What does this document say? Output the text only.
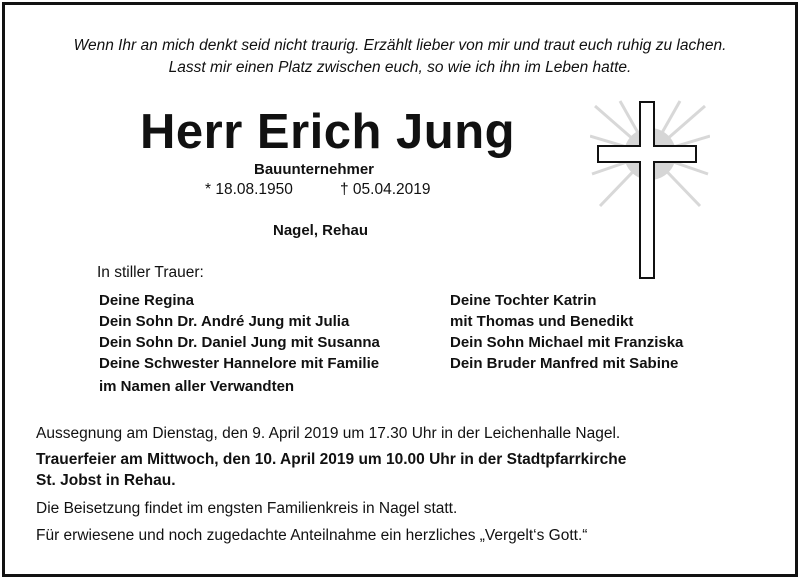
Wenn Ihr an mich denkt seid nicht traurig. Erzählt lieber von mir und traut euch ruhig zu lachen.
Lasst mir einen Platz zwischen euch, so wie ich ihn im Leben hatte.
Herr Erich Jung
Bauunternehmer
* 18.08.1950	† 05.04.2019
Nagel, Rehau
In stiller Trauer:
Deine Regina
Dein Sohn Dr. André Jung mit Julia
Dein Sohn Dr. Daniel Jung mit Susanna
Deine Schwester Hannelore mit Familie
im Namen aller Verwandten
Deine Tochter Katrin
mit Thomas und Benedikt
Dein Sohn Michael mit Franziska
Dein Bruder Manfred mit Sabine
Aussegnung am Dienstag, den 9. April 2019 um 17.30 Uhr in der Leichenhalle Nagel.
Trauerfeier am Mittwoch, den 10. April 2019 um 10.00 Uhr in der Stadtpfarrkirche
St. Jobst in Rehau.
Die Beisetzung findet im engsten Familienkreis in Nagel statt.
Für erwiesene und noch zugedachte Anteilnahme ein herzliches „Vergelt‘s Gott.“
